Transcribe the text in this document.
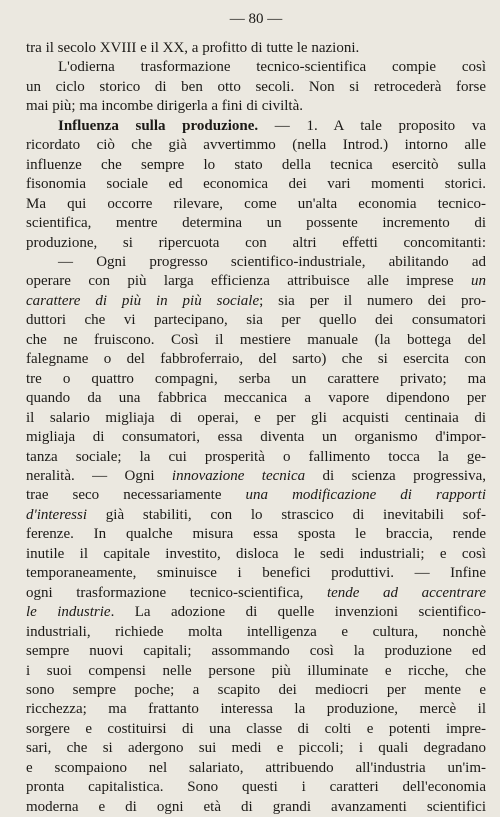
— 80 —
tra il secolo XVIII e il XX, a profitto di tutte le nazioni.
L'odierna trasformazione tecnico-scientifica compie così
un ciclo storico di ben otto secoli. Non si retrocederà forse
mai più; ma incombe dirigerla a fini di civiltà.
Influenza sulla produzione. — 1. A tale proposito va
ricordato ciò che già avvertimmo (nella Introd.) intorno alle
influenze che sempre lo stato della tecnica esercitò sulla
fisonomia sociale ed economica dei vari momenti storici.
Ma qui occorre rilevare, come un'alta economia tecnico-
scientifica, mentre determina un possente incremento di
produzione, si ripercuota con altri effetti concomitanti:
— Ogni progresso scientifico-industriale, abilitando ad
operare con più larga efficienza attribuisce alle imprese un
carattere di più in più sociale; sia per il numero dei pro-
duttori che vi partecipano, sia per quello dei consumatori
che ne fruiscono. Così il mestiere manuale (la bottega del
falegname o del fabbroferraio, del sarto) che si esercita con
tre o quattro compagni, serba un carattere privato; ma
quando da una fabbrica meccanica a vapore dipendono per
il salario migliaja di operai, e per gli acquisti centinaia di
migliaja di consumatori, essa diventa un organismo d'impor-
tanza sociale; la cui prosperità o fallimento tocca la ge-
neralità. — Ogni innovazione tecnica di scienza progressiva,
trae seco necessariamente una modificazione di rapporti
d'interessi già stabiliti, con lo strascico di inevitabili sof-
ferenze. In qualche misura essa sposta le braccia, rende
inutile il capitale investito, disloca le sedi industriali; e così
temporaneamente, sminuisce i benefici produttivi. — Infine
ogni trasformazione tecnico-scientifica, tende ad accentrare
le industrie. La adozione di quelle invenzioni scientifico-
industriali, richiede molta intelligenza e cultura, nonchè
sempre nuovi capitali; assommando così la produzione ed
i suoi compensi nelle persone più illuminate e ricche, che
sono sempre poche; a scapito dei mediocri per mente e
ricchezza; ma frattanto interessa la produzione, mercè il
sorgere e costituirsi di una classe di colti e potenti impre-
sari, che si adergono sui medi e piccoli; i quali degradano
e scompaiono nel salariato, attribuendo all'industria un'im-
pronta capitalistica. Sono questi i caratteri dell'economia
moderna e di ogni età di grandi avanzamenti scientifici
